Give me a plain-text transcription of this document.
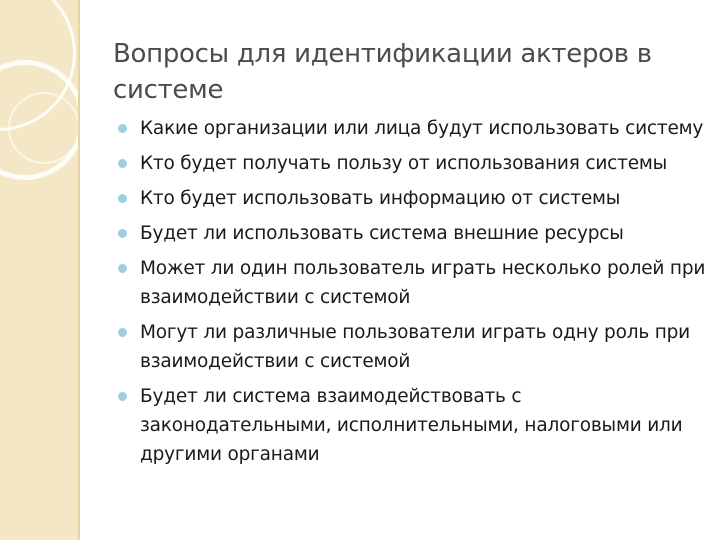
Вопросы для идентификации актеров в системе
Какие организации или лица будут использовать систему
Кто будет получать пользу от использования системы
Кто будет использовать информацию от системы
Будет ли использовать система внешние ресурсы
Может ли один пользователь играть несколько ролей при взаимодействии с системой
Могут ли различные пользователи играть одну роль при взаимодействии с системой
Будет ли система взаимодействовать с законодательными, исполнительными, налоговыми или другими органами
